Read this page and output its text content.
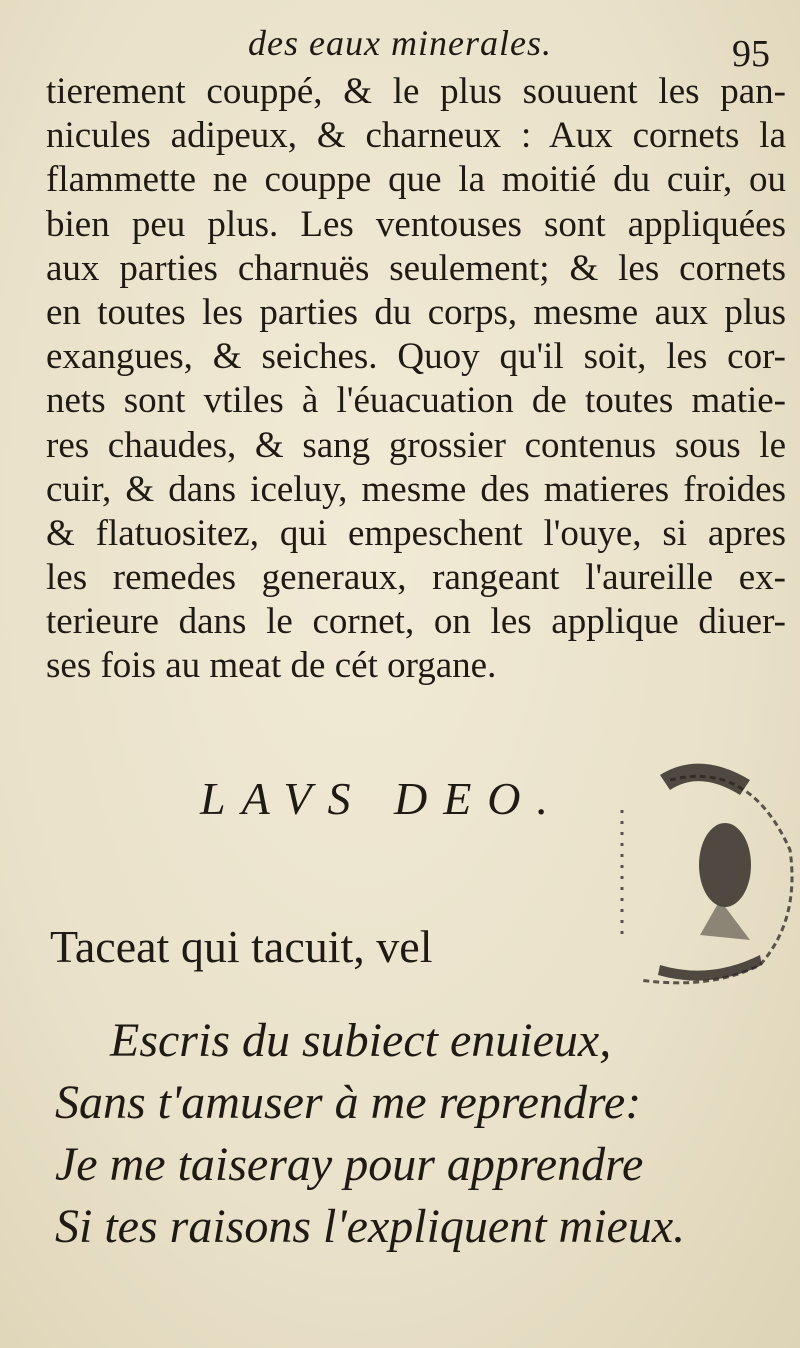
des eaux minerales.	95
tierement couppé, & le plus souuent les pan-
nicules adipeux, & charneux : Aux cornets la
flammette ne couppe que la moitié du cuir, ou
bien peu plus. Les ventouses sont appliquées
aux parties charnuës seulement; & les cornets
en toutes les parties du corps, mesme aux plus
exangues, & seiches. Quoy qu'il soit, les cor-
nets sont vtiles à l'éuacuation de toutes matie-
res chaudes, & sang grossier contenus sous le
cuir, & dans iceluy, mesme des matieres froides
& flatuositez, qui empeschent l'ouye, si apres
les remedes generaux, rangeant l'aureille ex-
terieure dans le cornet, on les applique diuer-
ses fois au meat de cét organe.
LAVS DEO.
Taceat qui tacuit, vel
Escris du subiect enuieux,
Sans t'amuser à me reprendre:
Je me taiseray pour apprendre
Si tes raisons l'expliquent mieux.
